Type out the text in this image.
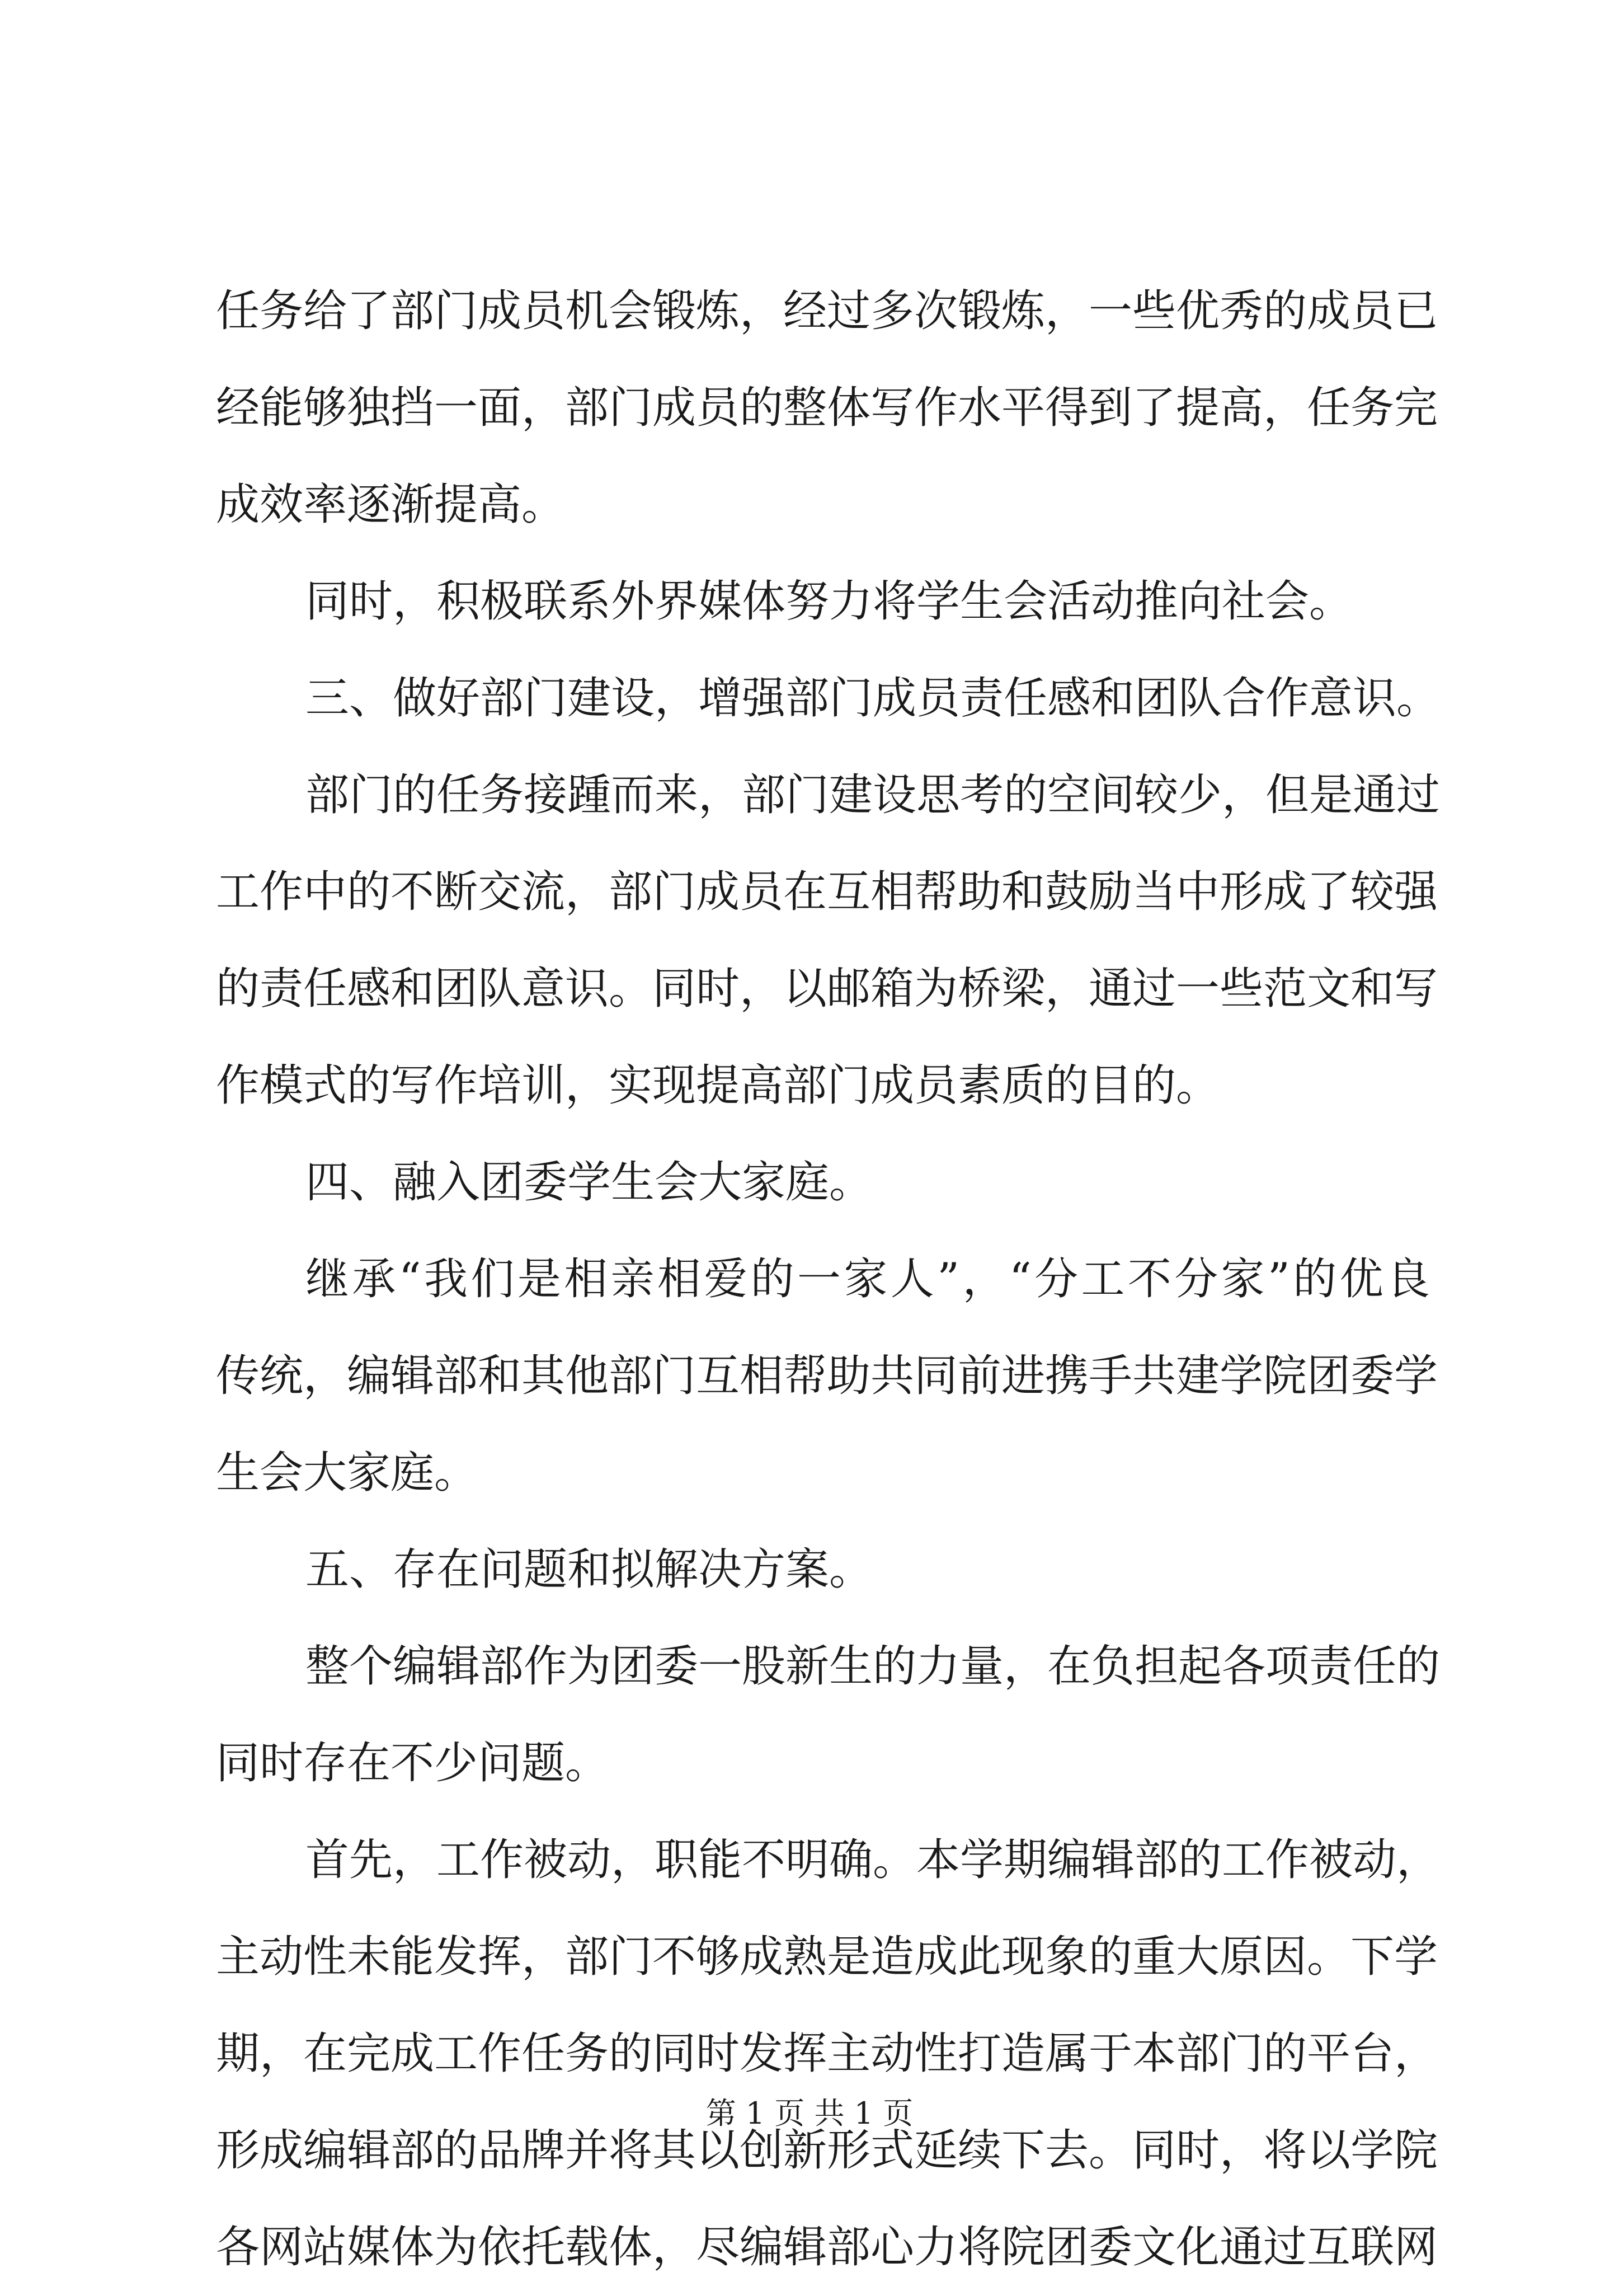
任务给了部门成员机会锻炼，经过多次锻炼，一些优秀的成员已
经能够独挡一面，部门成员的整体写作水平得到了提高，任务完
成效率逐渐提高。
同时，积极联系外界媒体努力将学生会活动推向社会。
三、做好部门建设，增强部门成员责任感和团队合作意识。
部门的任务接踵而来，部门建设思考的空间较少，但是通过
工作中的不断交流，部门成员在互相帮助和鼓励当中形成了较强
的责任感和团队意识。同时，以邮箱为桥梁，通过一些范文和写
作模式的写作培训，实现提高部门成员素质的目的。
四、融入团委学生会大家庭。
继承“我们是相亲相爱的一家人”，“分工不分家”的优良
传统，编辑部和其他部门互相帮助共同前进携手共建学院团委学
生会大家庭。
五、存在问题和拟解决方案。
整个编辑部作为团委一股新生的力量，在负担起各项责任的
同时存在不少问题。
首先，工作被动，职能不明确。本学期编辑部的工作被动，
主动性未能发挥，部门不够成熟是造成此现象的重大原因。下学
期，在完成工作任务的同时发挥主动性打造属于本部门的平台，
形成编辑部的品牌并将其以创新形式延续下去。同时，将以学院
各网站媒体为依托载体，尽编辑部心力将院团委文化通过互联网
第 1 页 共 1 页
